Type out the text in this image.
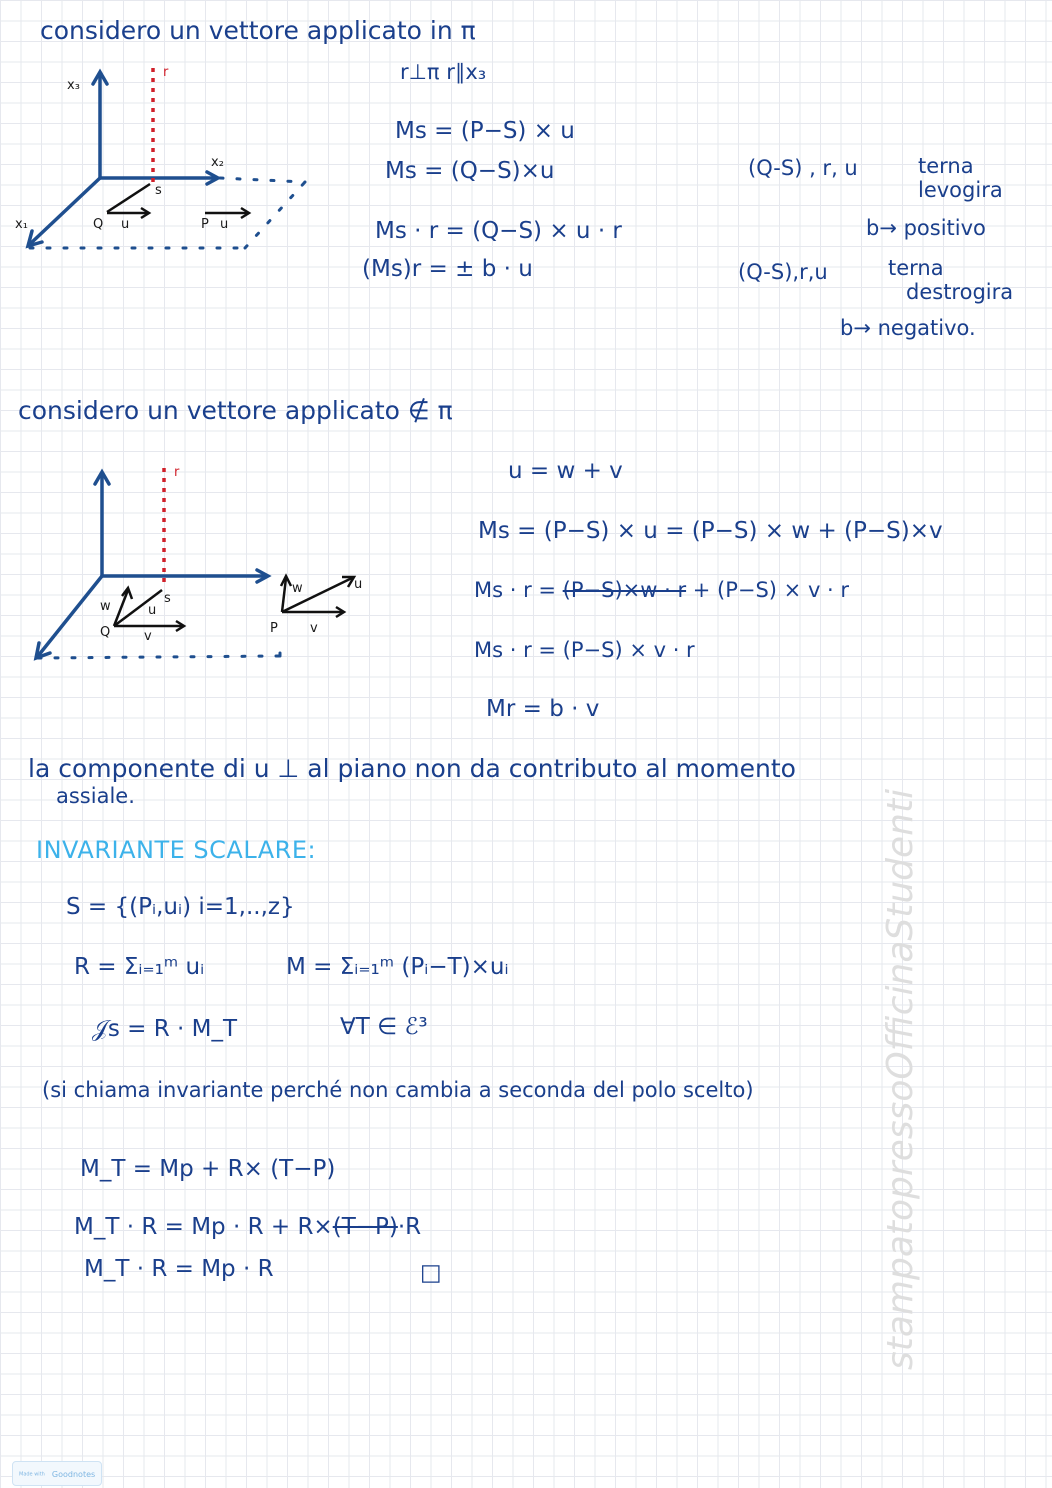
considero un vettore applicato in π
r⊥π r∥x₃
x₃
r
x₂
x₁
s
Q u	P u
Ms = (P−S) × u
Ms = (Q−S)×u
Ms · r = (Q−S) × u · r
(Ms)r = ± b · u
(Q-S) , r, u	terna
levogira
b→ positivo
(Q-S),r,u	terna
destrogira
b→ negativo.
considero un vettore applicato ∉ π
r
w	u
s
Q	v
w	u
P v
u = w + v
Ms = (P−S) × u = (P−S) × w + (P−S)×v
Ms · r = (P−S)×w · r + (P−S) × v · r
Ms · r = (P−S) × v · r
Mr = b · v
la componente di u ⊥ al piano non da contributo al momento
assiale.
INVARIANTE SCALARE:
S = {(Pᵢ,uᵢ) i=1,..,z}
R = Σᵢ₌₁ᵐ uᵢ	M = Σᵢ₌₁ᵐ (Pᵢ−T)×uᵢ
𝒥s = R · M_T	∀T ∈ ℰ³
(si chiama invariante perché non cambia a seconda del polo scelto)
M_T = Mp + R× (T−P)
M_T · R = Mp · R + R×(T−P)·R
M_T · R = Mp · R	□	stampatopressoOfficinaStudenti
Made with Goodnotes
